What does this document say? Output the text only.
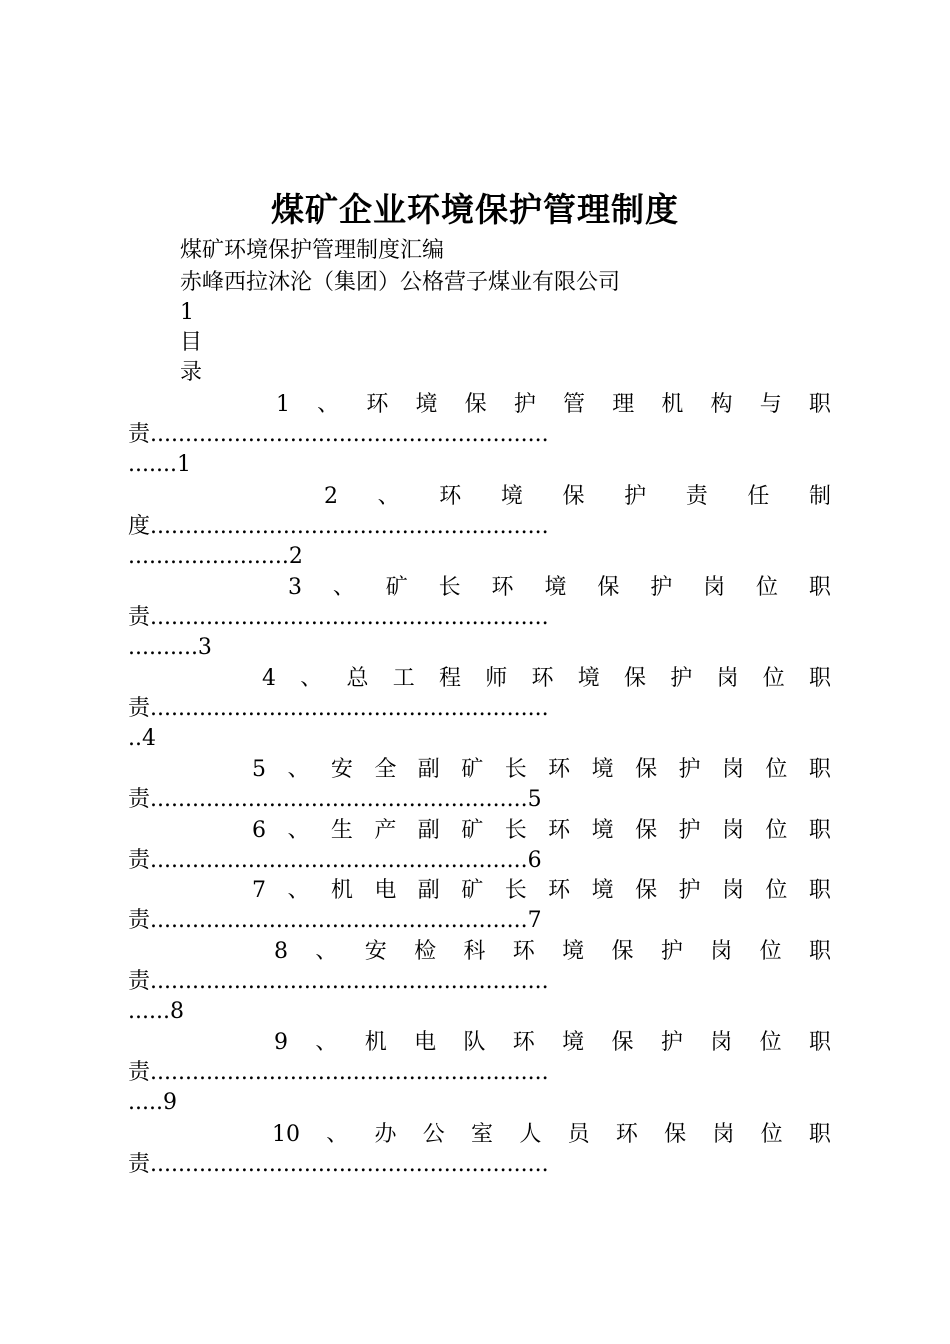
煤矿企业环境保护管理制度
煤矿环境保护管理制度汇编
赤峰西拉沐沦（集团）公格营子煤业有限公司
1
目
录
1 、 环 境 保 护 管 理 机 构 与 职
责.........................................................
.......1
2 、 环 境 保 护 责 任 制
度.........................................................
.......................2
3 、 矿 长 环 境 保 护 岗 位 职
责.........................................................
..........3
4 、 总 工 程 师 环 境 保 护 岗 位 职
责.........................................................
..4
5 、 安 全 副 矿 长 环 境 保 护 岗 位 职
责......................................................5
6 、 生 产 副 矿 长 环 境 保 护 岗 位 职
责......................................................6
7 、 机 电 副 矿 长 环 境 保 护 岗 位 职
责......................................................7
8 、 安 检 科 环 境 保 护 岗 位 职
责.........................................................
......8
9 、 机 电 队 环 境 保 护 岗 位 职
责.........................................................
.....9
10 、 办 公 室 人 员 环 保 岗 位 职
责.........................................................
